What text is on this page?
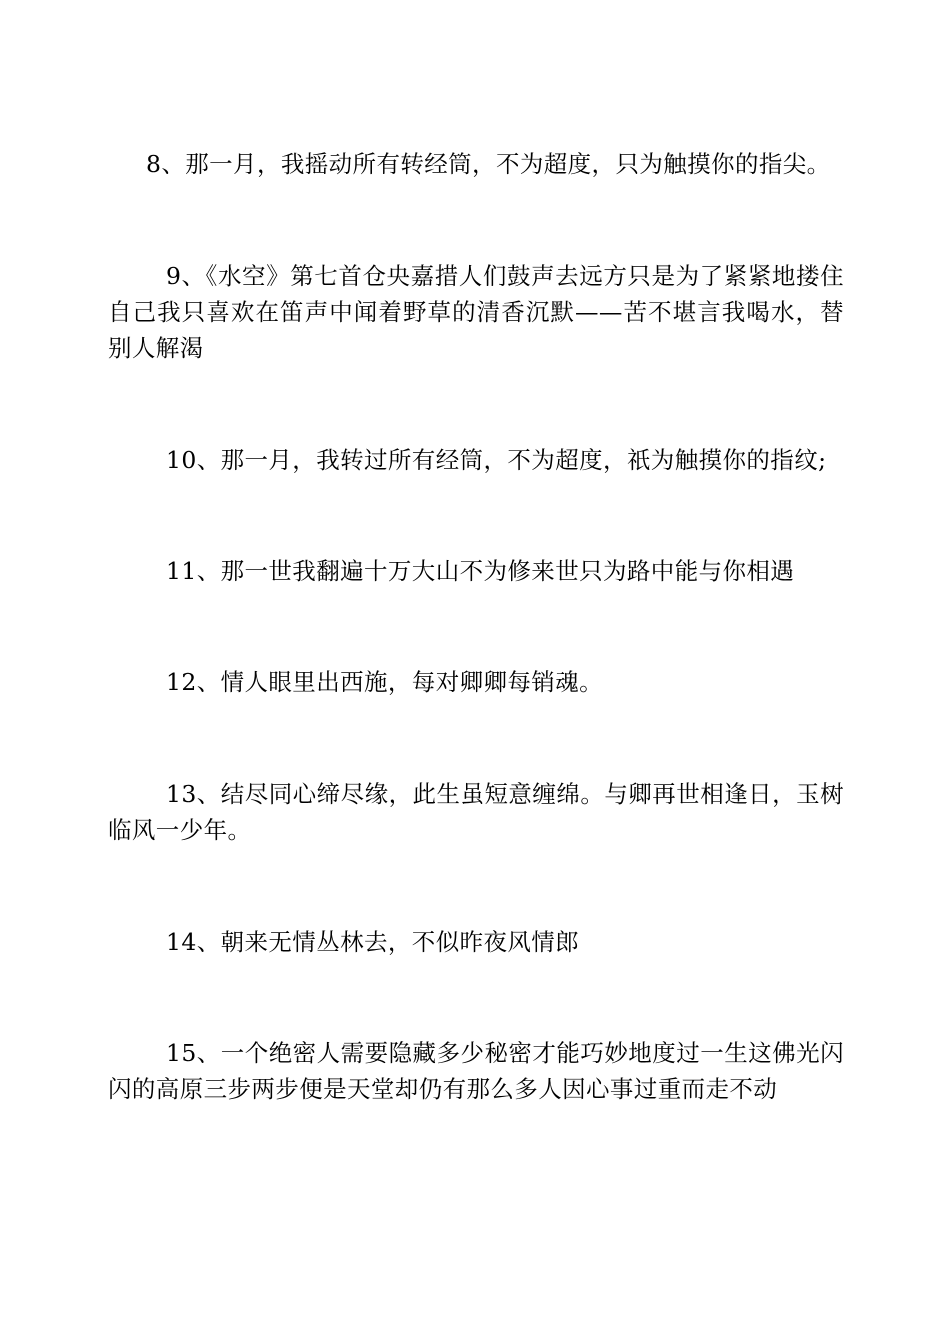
8、那一月，我摇动所有转经筒，不为超度，只为触摸你的指尖。

9、《水空》第七首仓央嘉措人们鼓声去远方只是为了紧紧地搂住自己我只喜欢在笛声中闻着野草的清香沉默——苦不堪言我喝水，替别人解渴

10、那一月，我转过所有经筒，不为超度，祇为触摸你的指纹;

11、那一世我翻遍十万大山不为修来世只为路中能与你相遇

12、情人眼里出西施，每对卿卿每销魂。

13、结尽同心缔尽缘，此生虽短意缠绵。与卿再世相逢日，玉树临风一少年。

14、朝来无情丛林去，不似昨夜风情郎

15、一个绝密人需要隐藏多少秘密才能巧妙地度过一生这佛光闪闪的高原三步两步便是天堂却仍有那么多人因心事过重而走不动
